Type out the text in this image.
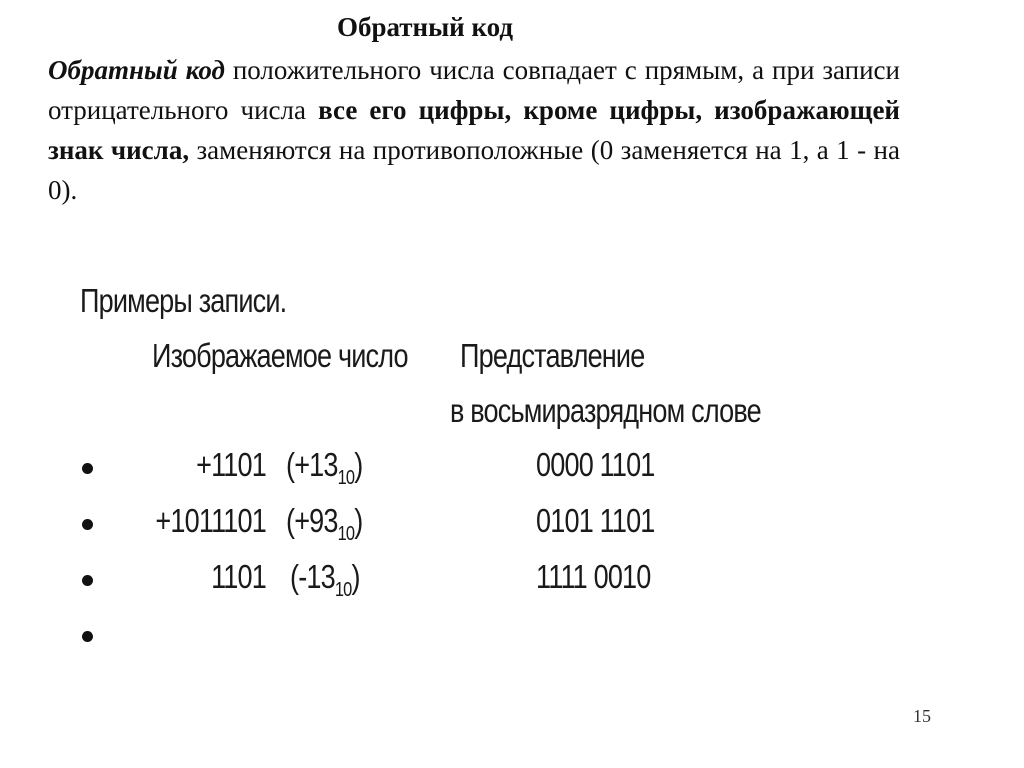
Обратный код
Обратный код положительного числа совпадает с прямым, а при записи отрицательного числа все его цифры, кроме цифры, изображающей знак числа, заменяются на противоположные (0 заменяется на 1, а 1 - на 0).
Примеры записи.
Изображаемое число Представление
в восьмиразрядном слове
+1101 $(+13_{10})$	0000 1101
+1011101 $(+93_{10})$	0101 1101
1101 $(-13_{10})$	1111 0010
15
